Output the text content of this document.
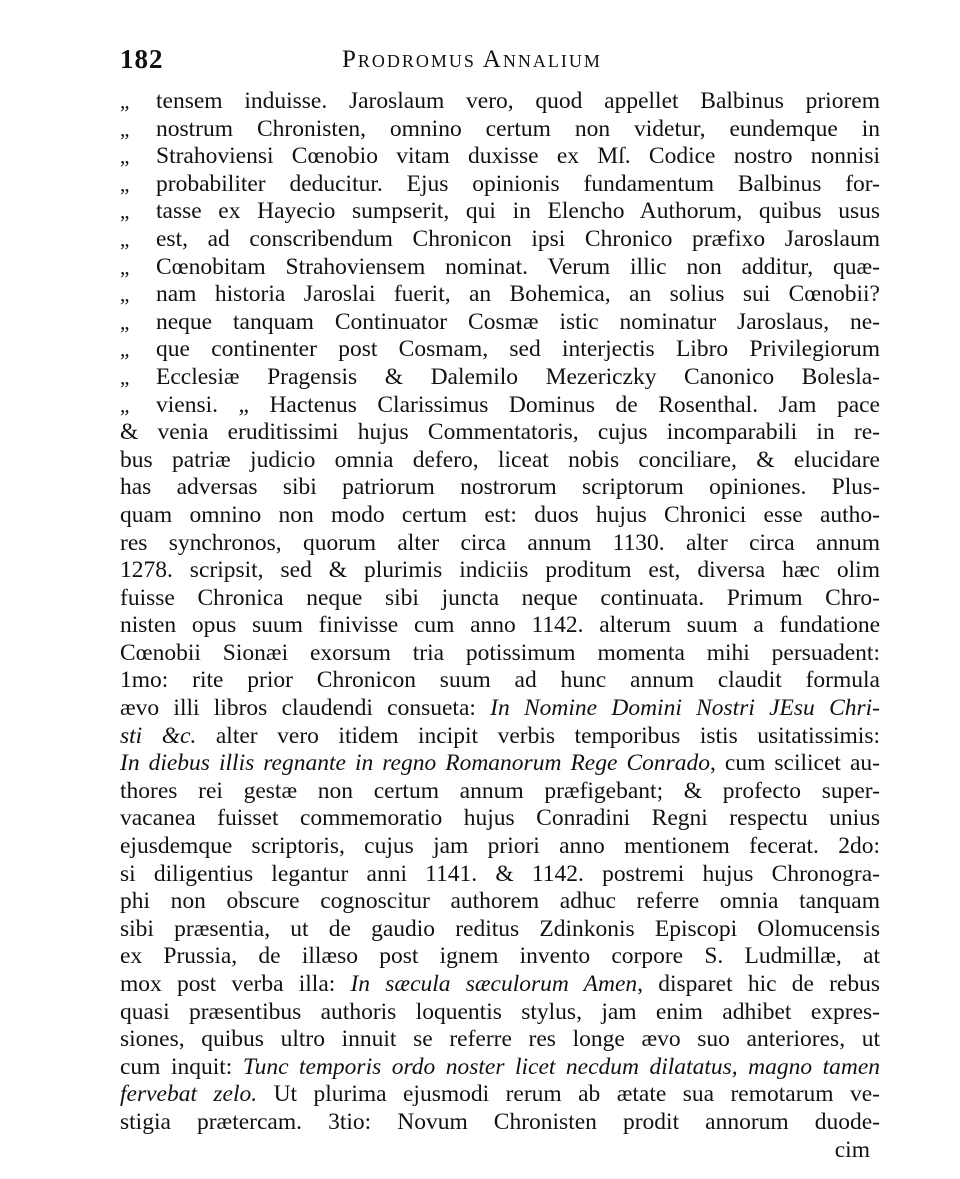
182	Prodromus Annalium
„	tensem induisse. Jaroslaum vero, quod appellet Balbinus priorem
„	nostrum Chronisten, omnino certum non videtur, eundemque in
„	Strahoviensi Cœnobio vitam duxisse ex Mſ. Codice nostro nonnisi
„	probabiliter deducitur. Ejus opinionis fundamentum Balbinus for-
„	tasse ex Hayecio sumpserit, qui in Elencho Authorum, quibus usus
„	est, ad conscribendum Chronicon ipsi Chronico præfixo Jaroslaum
„	Cœnobitam Strahoviensem nominat. Verum illic non additur, quæ-
„	nam historia Jaroslai fuerit, an Bohemica, an solius sui Cœnobii?
„	neque tanquam Continuator Cosmæ istic nominatur Jaroslaus, ne-
„	que continenter post Cosmam, sed interjectis Libro Privilegiorum
„	Ecclesiæ Pragensis & Dalemilo Mezericzky Canonico Bolesla-
„	viensi. „ Hactenus Clarissimus Dominus de Rosenthal. Jam pace
& venia eruditissimi hujus Commentatoris, cujus incomparabili in re-
bus patriæ judicio omnia defero, liceat nobis conciliare, & elucidare
has adversas sibi patriorum nostrorum scriptorum opiniones. Plus-
quam omnino non modo certum est: duos hujus Chronici esse autho-
res synchronos, quorum alter circa annum 1130. alter circa annum
1278. scripsit, sed & plurimis indiciis proditum est, diversa hæc olim
fuisse Chronica neque sibi juncta neque continuata. Primum Chro-
nisten opus suum finivisse cum anno 1142. alterum suum a fundatione
Cœnobii Sionæi exorsum tria potissimum momenta mihi persuadent:
1mo: rite prior Chronicon suum ad hunc annum claudit formula
ævo illi libros claudendi consueta: In Nomine Domini Nostri JEsu Chri-
sti &c. alter vero itidem incipit verbis temporibus istis usitatissimis:
In diebus illis regnante in regno Romanorum Rege Conrado, cum scilicet au-
thores rei gestæ non certum annum præfigebant; & profecto super-
vacanea fuisset commemoratio hujus Conradini Regni respectu unius
ejusdemque scriptoris, cujus jam priori anno mentionem fecerat. 2do:
si diligentius legantur anni 1141. & 1142. postremi hujus Chronogra-
phi non obscure cognoscitur authorem adhuc referre omnia tanquam
sibi præsentia, ut de gaudio reditus Zdinkonis Episcopi Olomucensis
ex Prussia, de illæso post ignem invento corpore S. Ludmillæ, at
mox post verba illa: In sæcula sæculorum Amen, disparet hic de rebus
quasi præsentibus authoris loquentis stylus, jam enim adhibet expres-
siones, quibus ultro innuit se referre res longe ævo suo anteriores, ut
cum inquit: Tunc temporis ordo noster licet necdum dilatatus, magno tamen
fervebat zelo. Ut plurima ejusmodi rerum ab ætate sua remotarum ve-
stigia prætercam. 3tio: Novum Chronisten prodit annorum duode-
cim
